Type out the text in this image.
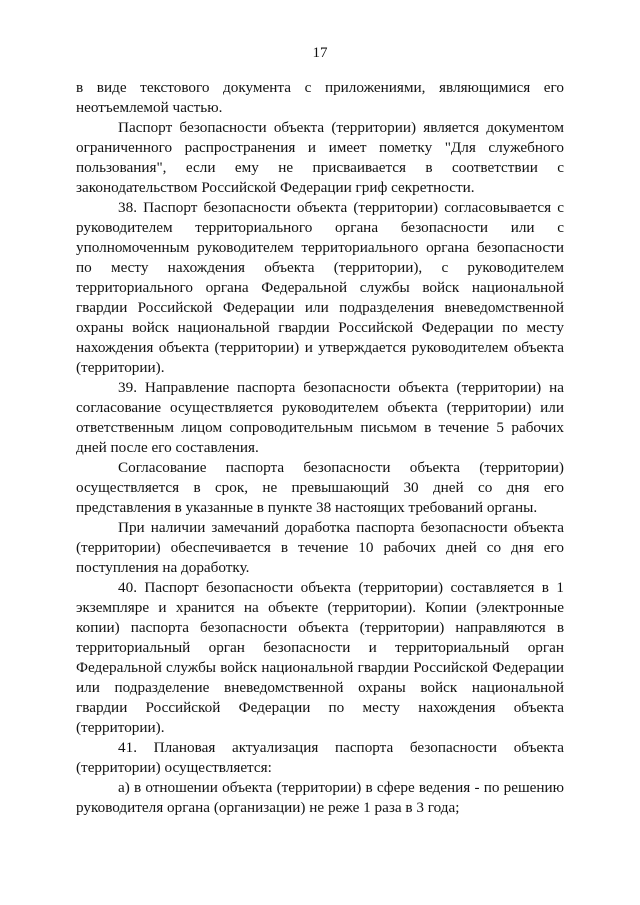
17

в виде текстового документа с приложениями, являющимися его неотъемлемой частью.

Паспорт безопасности объекта (территории) является документом ограниченного распространения и имеет пометку "Для служебного пользования", если ему не присваивается в соответствии с законодательством Российской Федерации гриф секретности.

38. Паспорт безопасности объекта (территории) согласовывается с руководителем территориального органа безопасности или с уполномоченным руководителем территориального органа безопасности по месту нахождения объекта (территории), с руководителем территориального органа Федеральной службы войск национальной гвардии Российской Федерации или подразделения вневедомственной охраны войск национальной гвардии Российской Федерации по месту нахождения объекта (территории) и утверждается руководителем объекта (территории).

39. Направление паспорта безопасности объекта (территории) на согласование осуществляется руководителем объекта (территории) или ответственным лицом сопроводительным письмом в течение 5 рабочих дней после его составления.

Согласование паспорта безопасности объекта (территории) осуществляется в срок, не превышающий 30 дней со дня его представления в указанные в пункте 38 настоящих требований органы.

При наличии замечаний доработка паспорта безопасности объекта (территории) обеспечивается в течение 10 рабочих дней со дня его поступления на доработку.

40. Паспорт безопасности объекта (территории) составляется в 1 экземпляре и хранится на объекте (территории). Копии (электронные копии) паспорта безопасности объекта (территории) направляются в территориальный орган безопасности и территориальный орган Федеральной службы войск национальной гвардии Российской Федерации или подразделение вневедомственной охраны войск национальной гвардии Российской Федерации по месту нахождения объекта (территории).

41. Плановая актуализация паспорта безопасности объекта (территории) осуществляется:

а) в отношении объекта (территории) в сфере ведения - по решению руководителя органа (организации) не реже 1 раза в 3 года;
